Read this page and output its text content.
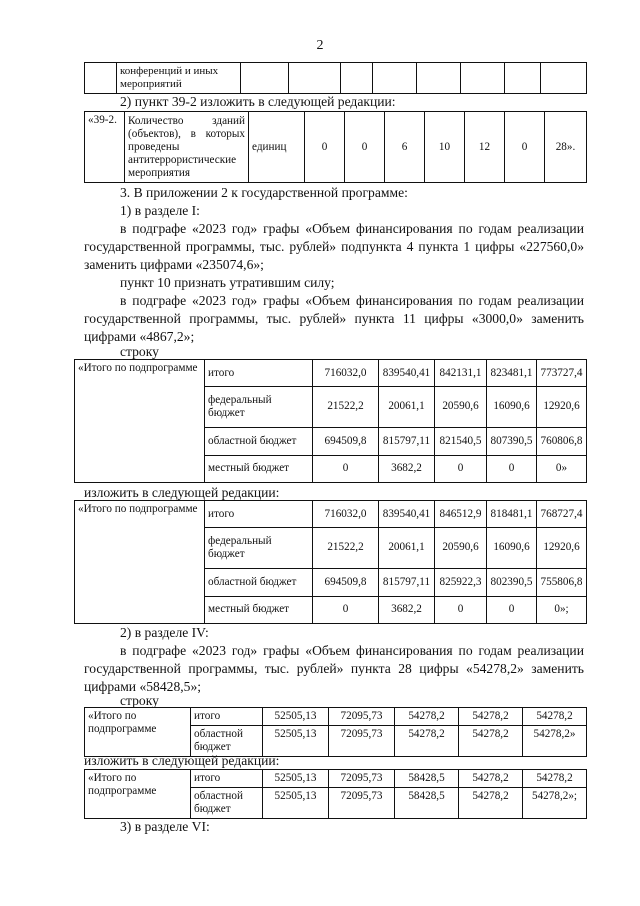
2
	конференций и иных мероприятий								
2) пункт 39-2 изложить в следующей редакции:
«39-2.	Количество зданий (объектов), в которых проведены антитеррористические мероприятия	единиц	0	0	6	10	12	0	28».
3. В приложении 2 к государственной программе:
1) в разделе I:
в подграфе «2023 год» графы «Объем финансирования по годам реализации государственной программы, тыс. рублей» подпункта 4 пункта 1 цифры «227560,0» заменить цифрами «235074,6»;
пункт 10 признать утратившим силу;
в подграфе «2023 год» графы «Объем финансирования по годам реализации государственной программы, тыс. рублей» пункта 11 цифры «3000,0» заменить цифрами «4867,2»;
строку
«Итого по подпрограмме	итого	716032,0	839540,41	842131,1	823481,1	773727,4
	федеральный бюджет	21522,2	20061,1	20590,6	16090,6	12920,6
	областной бюджет	694509,8	815797,11	821540,5	807390,5	760806,8
	местный бюджет	0	3682,2	0	0	0»
изложить в следующей редакции:
«Итого по подпрограмме	итого	716032,0	839540,41	846512,9	818481,1	768727,4
	федеральный бюджет	21522,2	20061,1	20590,6	16090,6	12920,6
	областной бюджет	694509,8	815797,11	825922,3	802390,5	755806,8
	местный бюджет	0	3682,2	0	0	0»;
2) в разделе IV:
в подграфе «2023 год» графы «Объем финансирования по годам реализации государственной программы, тыс. рублей» пункта 28 цифры «54278,2» заменить цифрами «58428,5»;
строку
«Итого по подпрограмме	итого	52505,13	72095,73	54278,2	54278,2	54278,2
	областной бюджет	52505,13	72095,73	54278,2	54278,2	54278,2»
изложить в следующей редакции:
«Итого по подпрограмме	итого	52505,13	72095,73	58428,5	54278,2	54278,2
	областной бюджет	52505,13	72095,73	58428,5	54278,2	54278,2»;
3) в разделе VI:
